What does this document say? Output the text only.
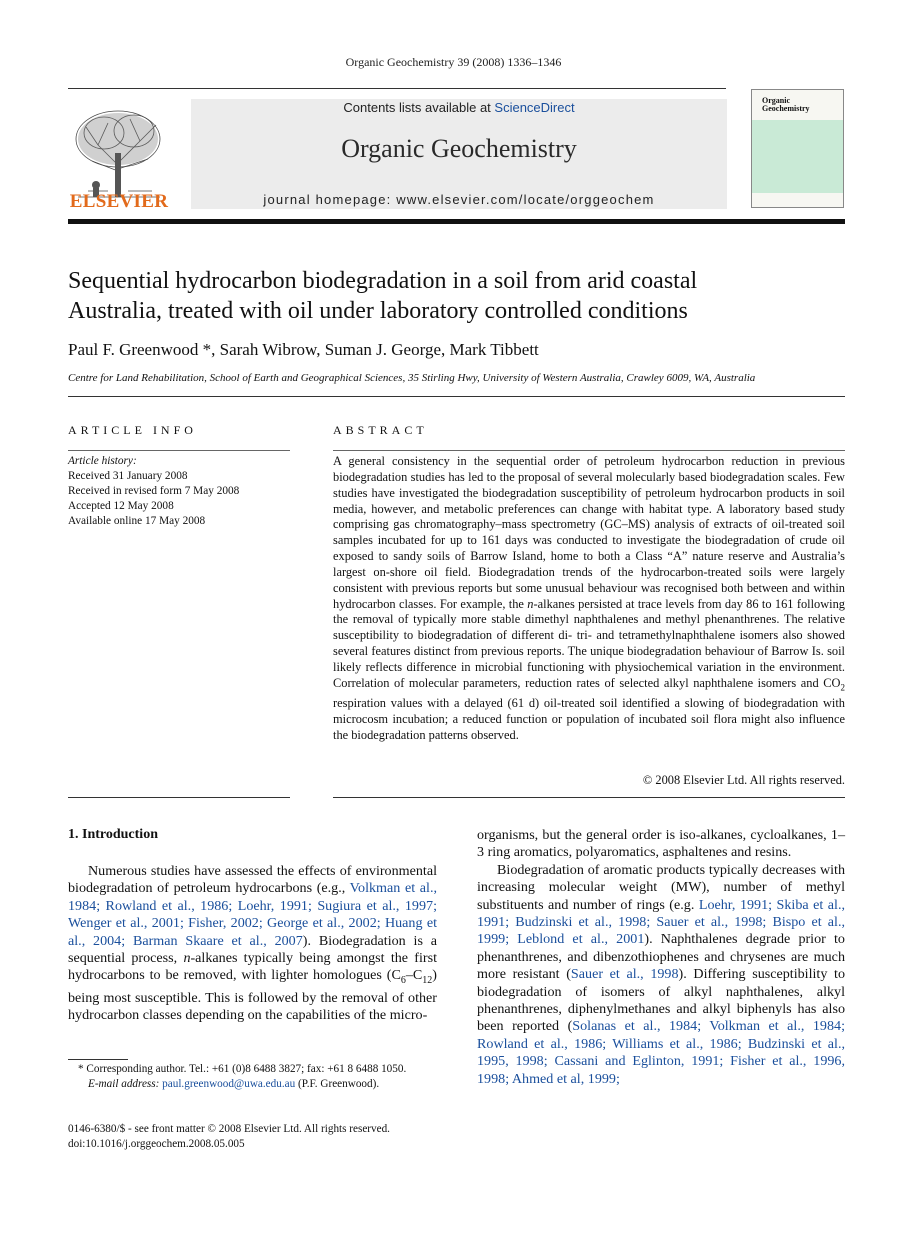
Organic Geochemistry 39 (2008) 1336–1346
ELSEVIER
Contents lists available at ScienceDirect
Organic Geochemistry
journal homepage: www.elsevier.com/locate/orggeochem
Organic Geochemistry
Sequential hydrocarbon biodegradation in a soil from arid coastal
Australia, treated with oil under laboratory controlled conditions
Paul F. Greenwood *, Sarah Wibrow, Suman J. George, Mark Tibbett
Centre for Land Rehabilitation, School of Earth and Geographical Sciences, 35 Stirling Hwy, University of Western Australia, Crawley 6009, WA, Australia
ARTICLE INFO	ABSTRACT
Article history:
Received 31 January 2008
Received in revised form 7 May 2008
Accepted 12 May 2008
Available online 17 May 2008
A general consistency in the sequential order of petroleum hydrocarbon reduction in previous biodegradation studies has led to the proposal of several molecularly based biodegradation scales. Few studies have investigated the biodegradation susceptibility of petroleum hydrocarbon products in soil media, however, and metabolic preferences can change with habitat type. A laboratory based study comprising gas chromatography–mass spectrometry (GC–MS) analysis of extracts of oil-treated soil samples incubated for up to 161 days was conducted to investigate the biodegradation of crude oil exposed to sandy soils of Barrow Island, home to both a Class “A” nature reserve and Australia’s largest on-shore oil field. Biodegradation trends of the hydrocarbon-treated soils were largely consistent with previous reports but some unusual behaviour was recognised both between and within hydrocarbon classes. For example, the n-alkanes persisted at trace levels from day 86 to 161 following the removal of typically more stable dimethyl naphthalenes and methyl phenanthrenes. The relative susceptibility to biodegradation of different di- tri- and tetramethylnaphthalene isomers also showed several features distinct from previous reports. The unique biodegradation behaviour of Barrow Is. soil likely reflects difference in microbial functioning with physiochemical variation in the environment. Correlation of molecular parameters, reduction rates of selected alkyl naphthalene isomers and $CO_2$ respiration values with a delayed (61 d) oil-treated soil identified a slowing of biodegradation with microcosm incubation; a reduced function or population of incubated soil flora might also influence the biodegradation patterns observed.
© 2008 Elsevier Ltd. All rights reserved.
1. Introduction

Numerous studies have assessed the effects of environmental biodegradation of petroleum hydrocarbons (e.g., Volkman et al., 1984; Rowland et al., 1986; Loehr, 1991; Sugiura et al., 1997; Wenger et al., 2001; Fisher, 2002; George et al., 2002; Huang et al., 2004; Barman Skaare et al., 2007). Biodegradation is a sequential process, n-alkanes typically being amongst the first hydrocarbons to be removed, with lighter homologues $(C_6-C_{12})$ being most susceptible. This is followed by the removal of other hydrocarbon classes depending on the capabilities of the micro-

organisms, but the general order is iso-alkanes, cycloalkanes, 1–3 ring aromatics, polyaromatics, asphaltenes and resins.

Biodegradation of aromatic products typically decreases with increasing molecular weight (MW), number of methyl substituents and number of rings (e.g. Loehr, 1991; Skiba et al., 1991; Budzinski et al., 1998; Sauer et al., 1998; Bispo et al., 1999; Leblond et al., 2001). Naphthalenes degrade prior to phenanthrenes, and dibenzothiophenes and chrysenes are much more resistant (Sauer et al., 1998). Differing susceptibility to biodegradation of isomers of alkyl naphthalenes, alkyl phenanthrenes, diphenylmethanes and alkyl biphenyls has also been reported (Solanas et al., 1984; Volkman et al., 1984; Rowland et al., 1986; Williams et al., 1986; Budzinski et al., 1995, 1998; Cassani and Eglinton, 1991; Fisher et al., 1996, 1998; Ahmed et al, 1999;

* Corresponding author. Tel.: +61 (0)8 6488 3827; fax: +61 8 6488 1050.
E-mail address: paul.greenwood@uwa.edu.au (P.F. Greenwood).
0146-6380/$ - see front matter © 2008 Elsevier Ltd. All rights reserved.
doi:10.1016/j.orggeochem.2008.05.005
